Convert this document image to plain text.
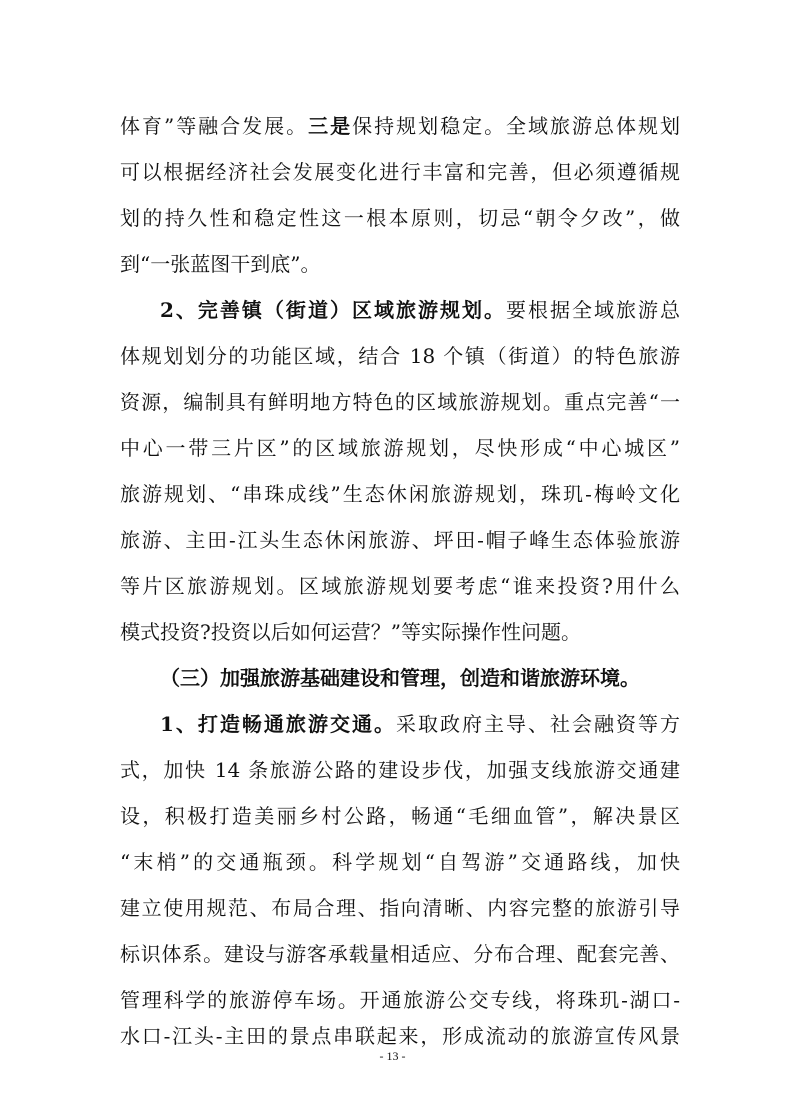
体育”等融合发展。三是保持规划稳定。全域旅游总体规划
可以根据经济社会发展变化进行丰富和完善，但必须遵循规
划的持久性和稳定性这一根本原则，切忌“朝令夕改”，做
到“一张蓝图干到底”。
2、完善镇（街道）区域旅游规划。要根据全域旅游总
体规划划分的功能区域，结合 18 个镇（街道）的特色旅游
资源，编制具有鲜明地方特色的区域旅游规划。重点完善“一
中心一带三片区”的区域旅游规划，尽快形成“中心城区”
旅游规划、“串珠成线”生态休闲旅游规划，珠玑-梅岭文化
旅游、主田-江头生态休闲旅游、坪田-帽子峰生态体验旅游
等片区旅游规划。区域旅游规划要考虑“谁来投资?用什么
模式投资?投资以后如何运营？”等实际操作性问题。
（三）加强旅游基础建设和管理，创造和谐旅游环境。
1、打造畅通旅游交通。采取政府主导、社会融资等方
式，加快 14 条旅游公路的建设步伐，加强支线旅游交通建
设，积极打造美丽乡村公路，畅通“毛细血管”，解决景区
“末梢”的交通瓶颈。科学规划“自驾游”交通路线，加快
建立使用规范、布局合理、指向清晰、内容完整的旅游引导
标识体系。建设与游客承载量相适应、分布合理、配套完善、
管理科学的旅游停车场。开通旅游公交专线，将珠玑-湖口-
水口-江头-主田的景点串联起来，形成流动的旅游宣传风景
- 13 -
